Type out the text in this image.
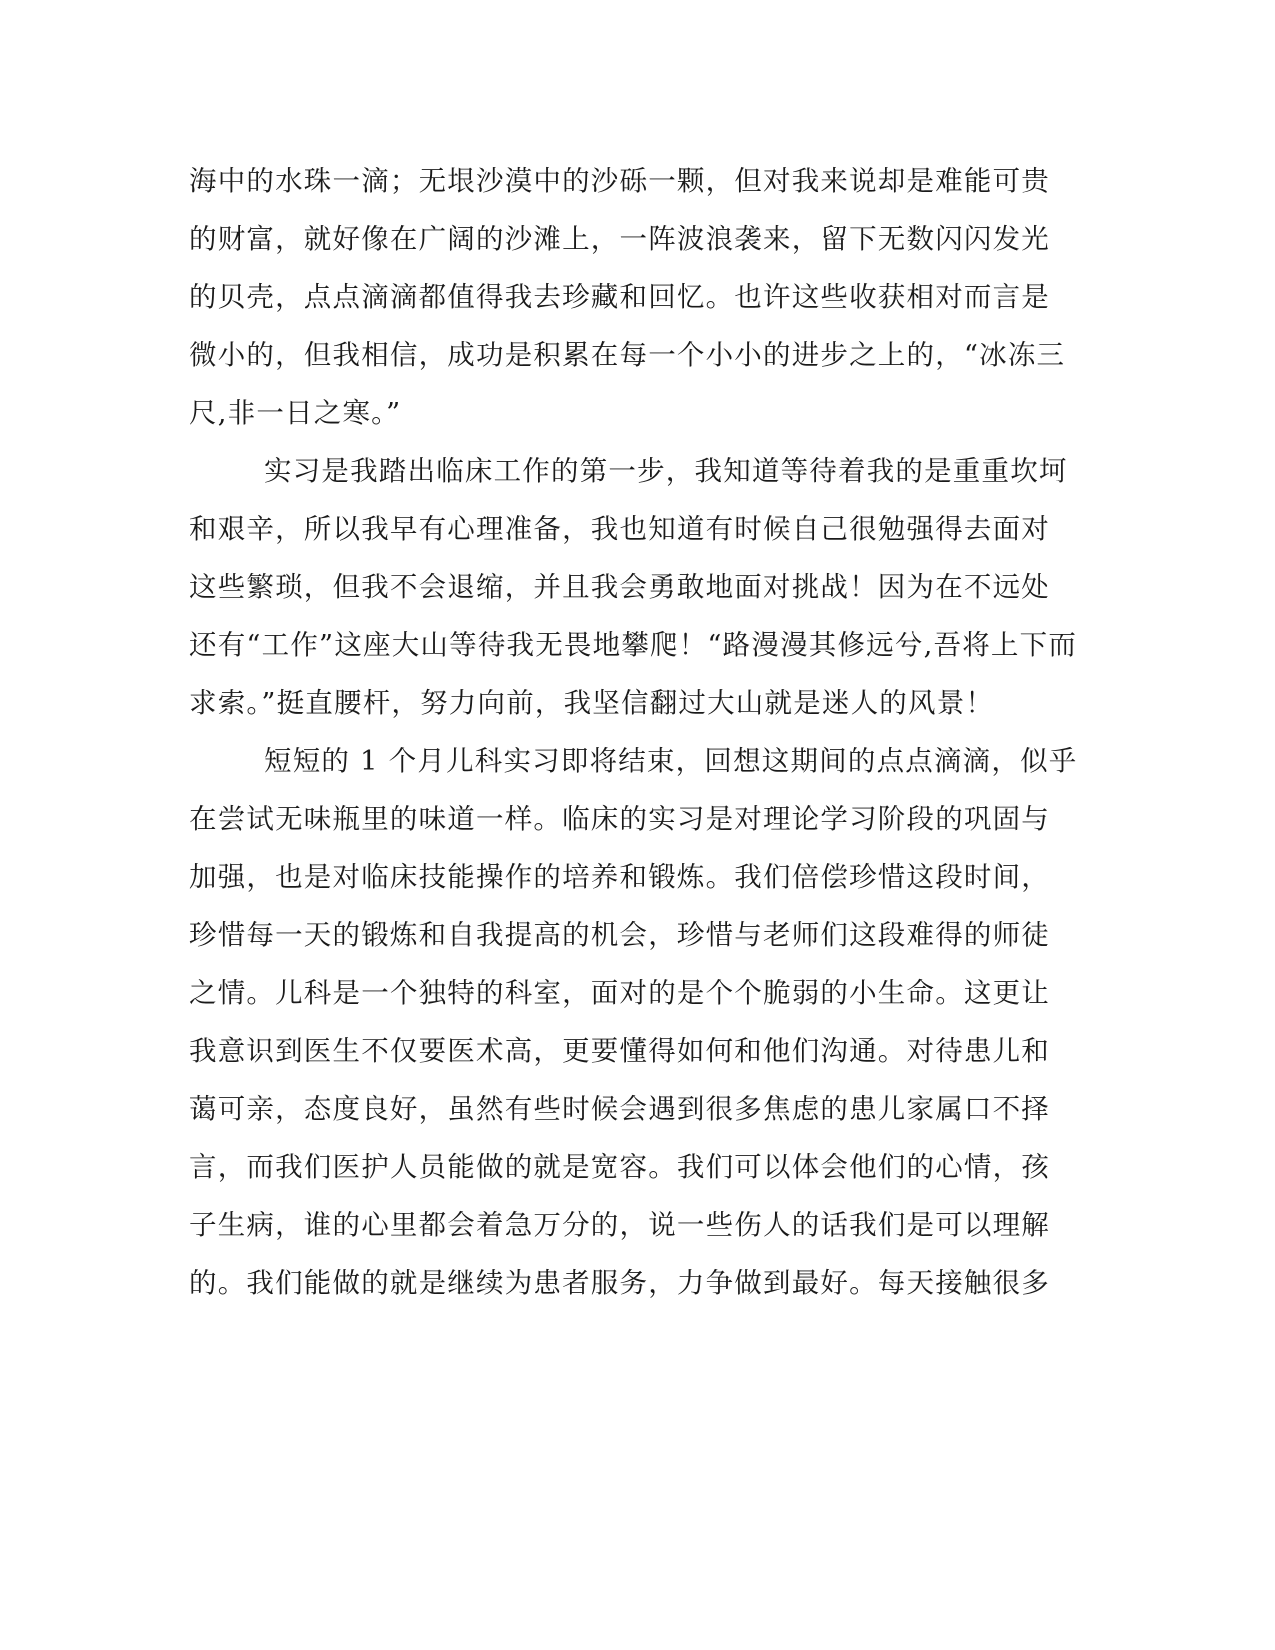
海中的水珠一滴；无垠沙漠中的沙砾一颗，但对我来说却是难能可贵
的财富，就好像在广阔的沙滩上，一阵波浪袭来，留下无数闪闪发光
的贝壳，点点滴滴都值得我去珍藏和回忆。也许这些收获相对而言是
微小的，但我相信，成功是积累在每一个小小的进步之上的，“冰冻三
尺,非一日之寒。”
实习是我踏出临床工作的第一步，我知道等待着我的是重重坎坷
和艰辛，所以我早有心理准备，我也知道有时候自己很勉强得去面对
这些繁琐，但我不会退缩，并且我会勇敢地面对挑战！因为在不远处
还有“工作”这座大山等待我无畏地攀爬！“路漫漫其修远兮,吾将上下而
求索。”挺直腰杆，努力向前，我坚信翻过大山就是迷人的风景！
短短的 1 个月儿科实习即将结束，回想这期间的点点滴滴，似乎
在尝试无味瓶里的味道一样。临床的实习是对理论学习阶段的巩固与
加强，也是对临床技能操作的培养和锻炼。我们倍偿珍惜这段时间，
珍惜每一天的锻炼和自我提高的机会，珍惜与老师们这段难得的师徒
之情。儿科是一个独特的科室，面对的是个个脆弱的小生命。这更让
我意识到医生不仅要医术高，更要懂得如何和他们沟通。对待患儿和
蔼可亲，态度良好，虽然有些时候会遇到很多焦虑的患儿家属口不择
言，而我们医护人员能做的就是宽容。我们可以体会他们的心情，孩
子生病，谁的心里都会着急万分的，说一些伤人的话我们是可以理解
的。我们能做的就是继续为患者服务，力争做到最好。每天接触很多
